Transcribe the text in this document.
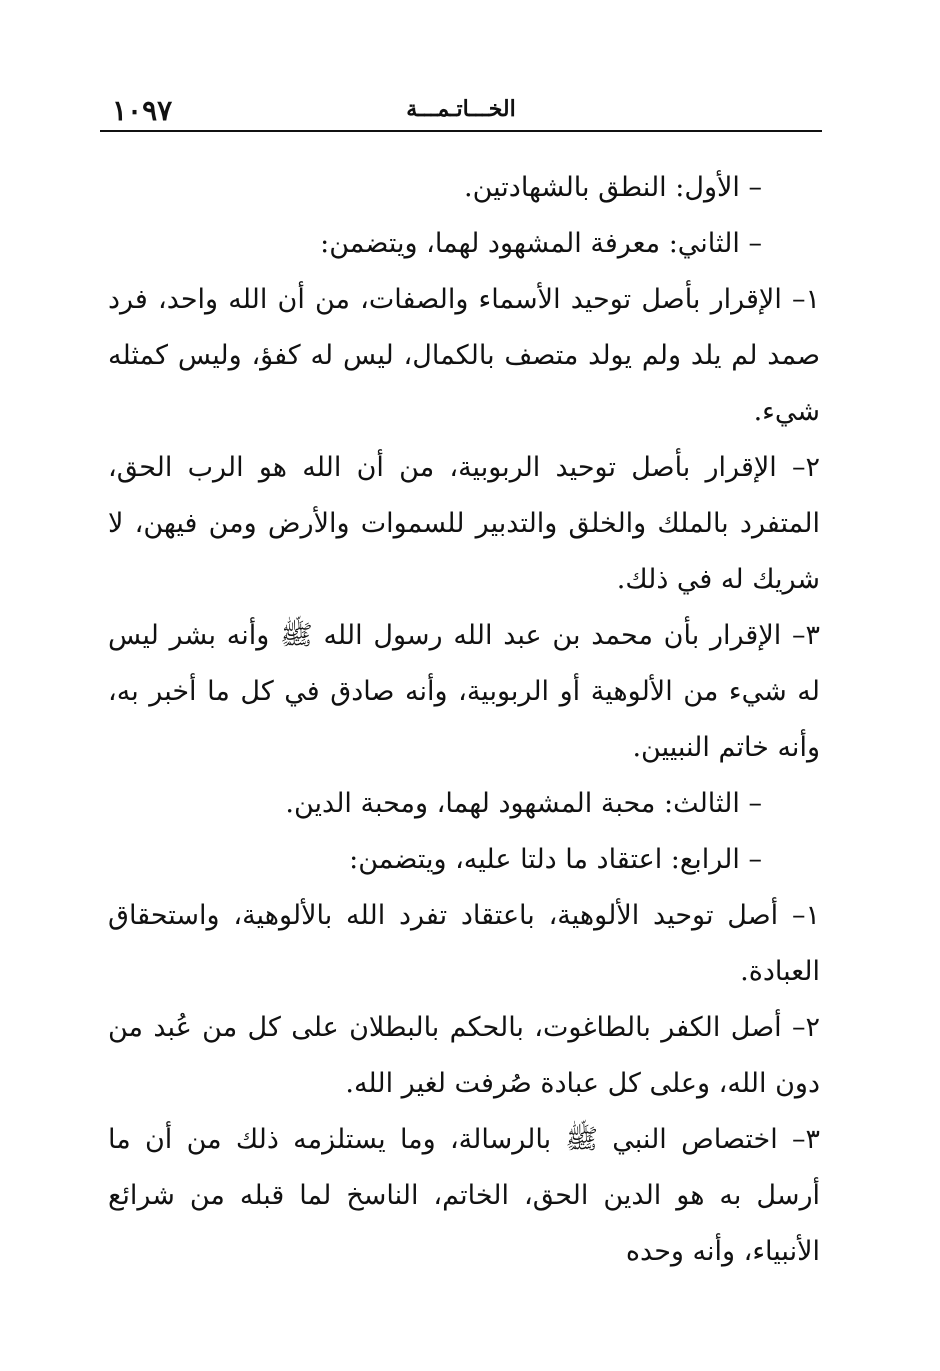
١٠٩٧	الخـــاتـمـــة

– الأول: النطق بالشهادتين.

– الثاني: معرفة المشهود لهما، ويتضمن:

١– الإقرار بأصل توحيد الأسماء والصفات، من أن الله واحد، فرد صمد لم يلد ولم يولد متصف بالكمال، ليس له كفؤ، وليس كمثله شيء.

٢– الإقرار بأصل توحيد الربوبية، من أن الله هو الرب الحق، المتفرد بالملك والخلق والتدبير للسموات والأرض ومن فيهن، لا شريك له في ذلك.

٣– الإقرار بأن محمد بن عبد الله رسول الله ﷺ وأنه بشر ليس له شيء من الألوهية أو الربوبية، وأنه صادق في كل ما أخبر به، وأنه خاتم النبيين.

– الثالث: محبة المشهود لهما، ومحبة الدين.

– الرابع: اعتقاد ما دلتا عليه، ويتضمن:

١– أصل توحيد الألوهية، باعتقاد تفرد الله بالألوهية، واستحقاق العبادة.

٢– أصل الكفر بالطاغوت، بالحكم بالبطلان على كل من عُبد من دون الله، وعلى كل عبادة صُرفت لغير الله.

٣– اختصاص النبي ﷺ بالرسالة، وما يستلزمه ذلك من أن ما أرسل به هو الدين الحق، الخاتم، الناسخ لما قبله من شرائع الأنبياء، وأنه وحده
